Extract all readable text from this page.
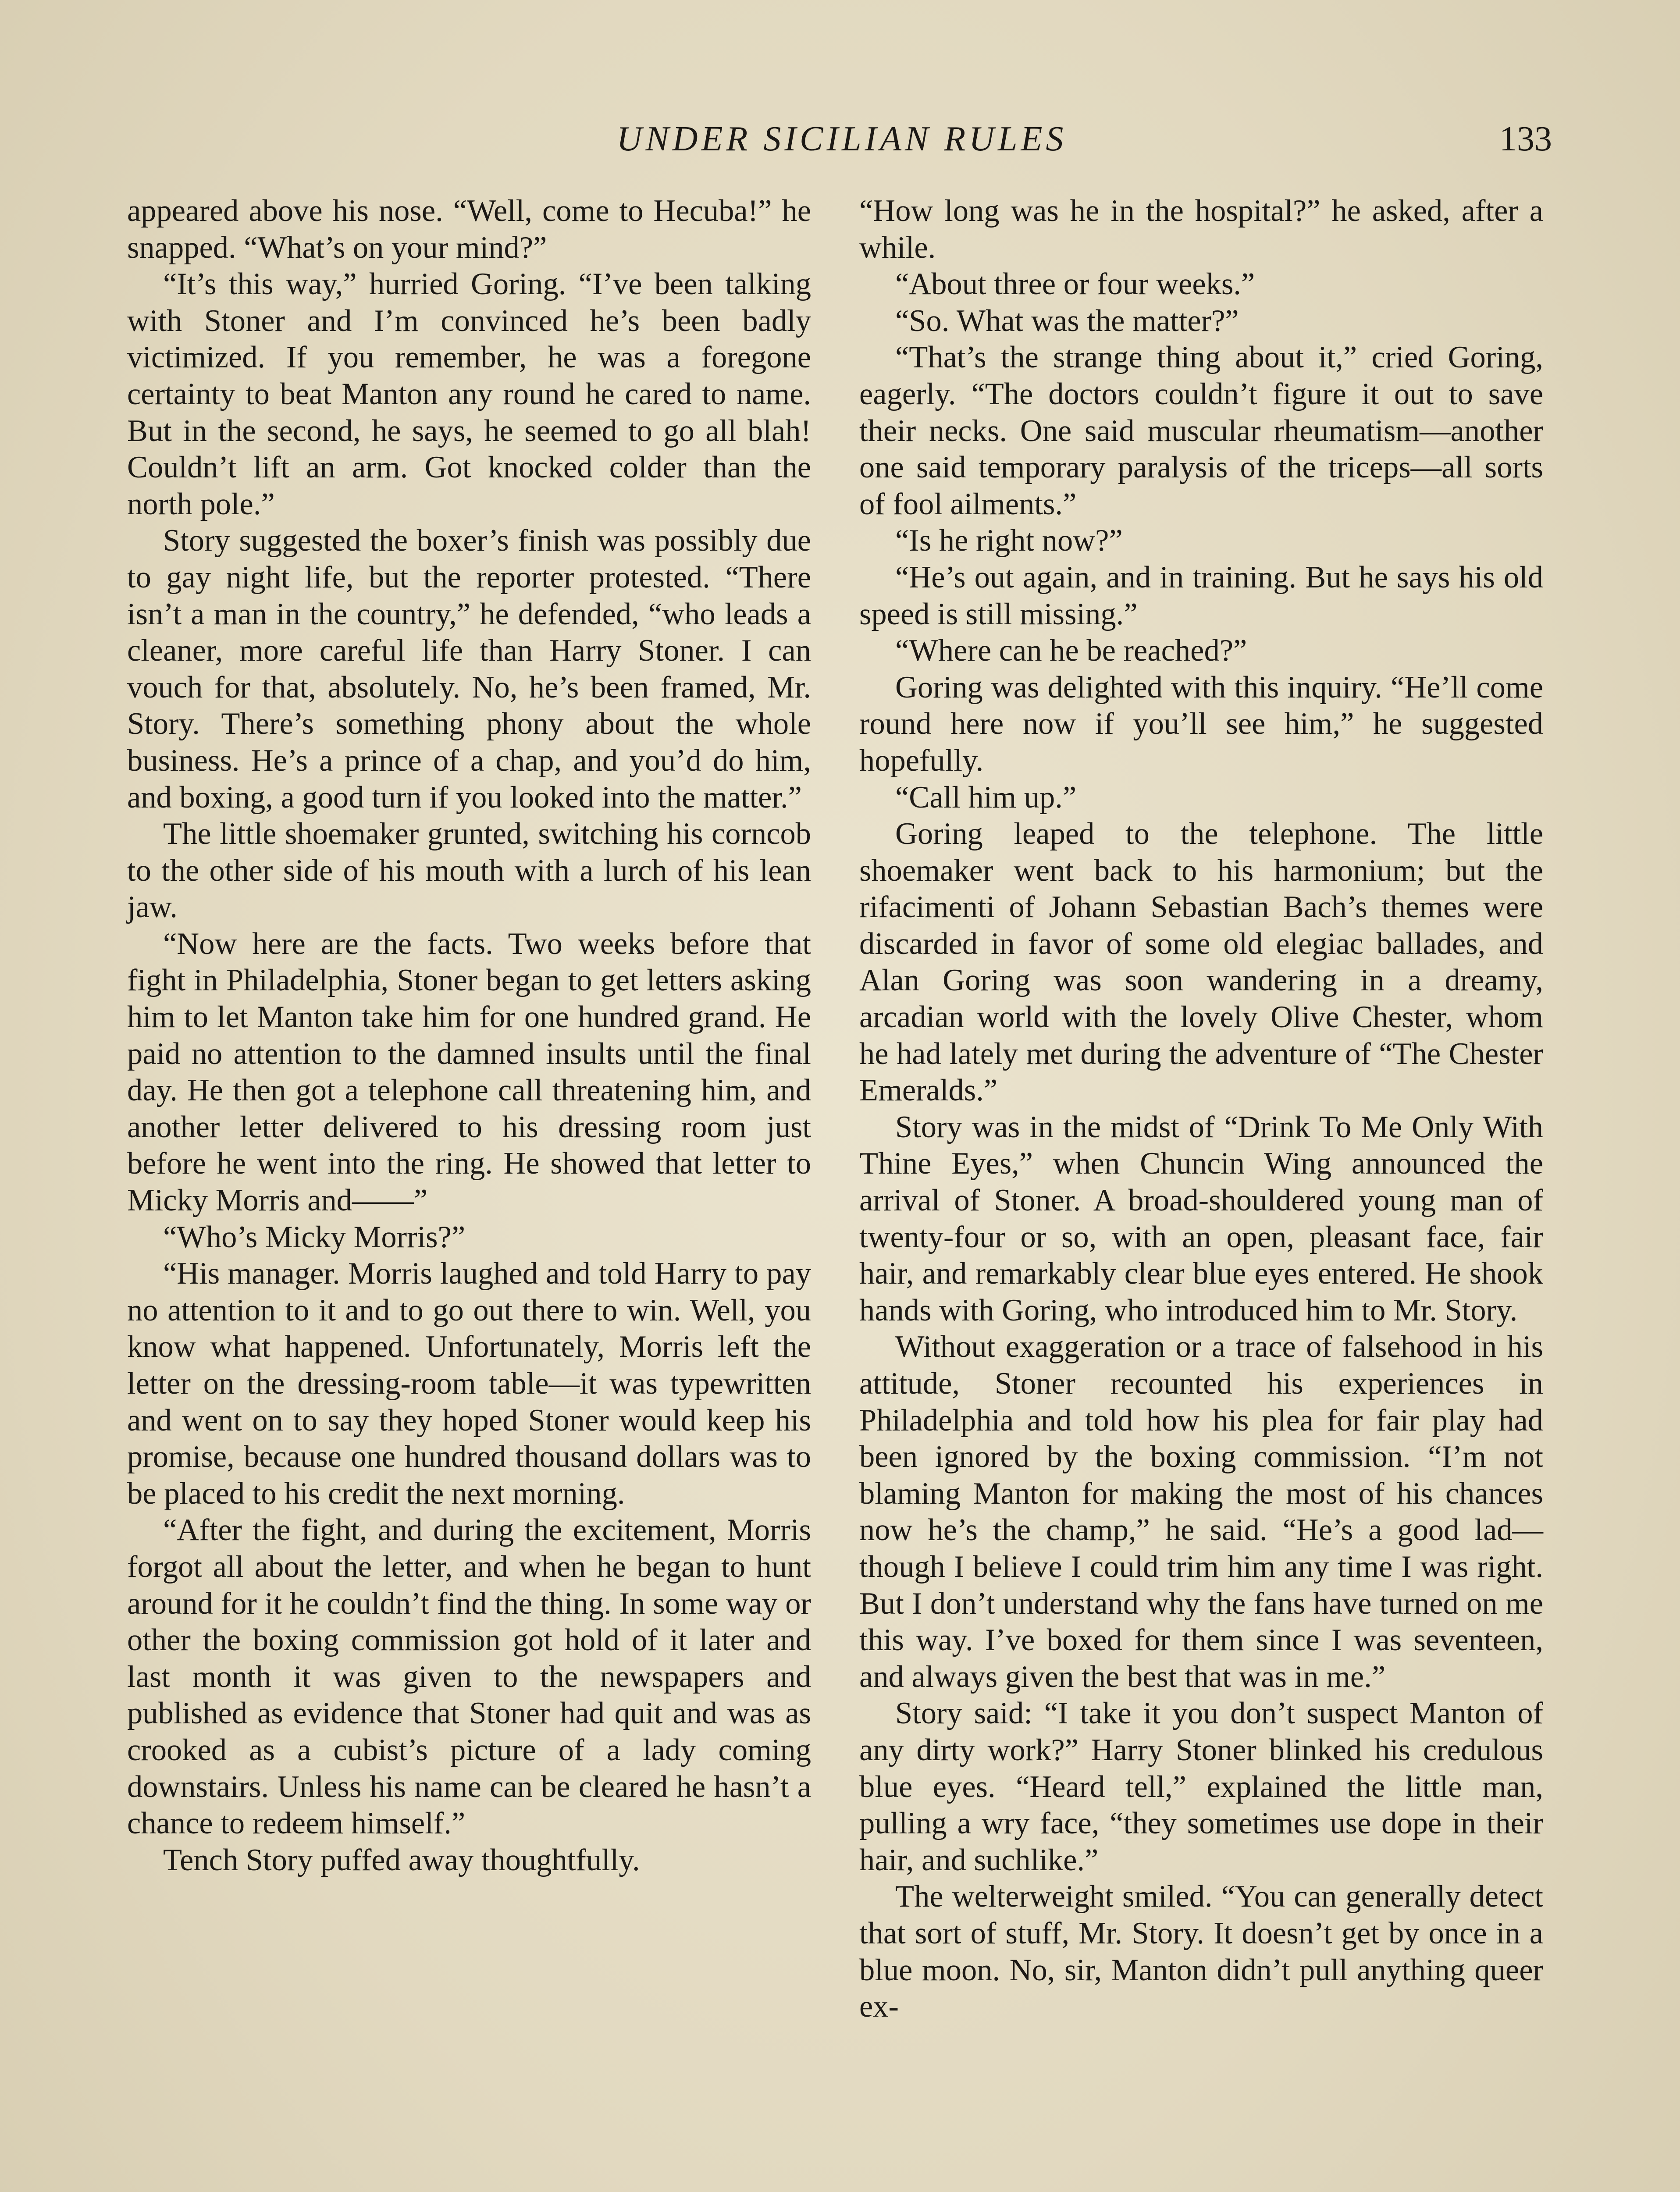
UNDER SICILIAN RULES	133

appeared above his nose. “Well, come to Hecuba!” he snapped. “What’s on your mind?”

“It’s this way,” hurried Goring. “I’ve been talking with Stoner and I’m convinced he’s been badly victimized. If you remember, he was a foregone certainty to beat Manton any round he cared to name. But in the second, he says, he seemed to go all blah! Couldn’t lift an arm. Got knocked colder than the north pole.”

Story suggested the boxer’s finish was possibly due to gay night life, but the reporter protested. “There isn’t a man in the country,” he defended, “who leads a cleaner, more careful life than Harry Stoner. I can vouch for that, absolutely. No, he’s been framed, Mr. Story. There’s something phony about the whole business. He’s a prince of a chap, and you’d do him, and boxing, a good turn if you looked into the matter.”

The little shoemaker grunted, switching his corncob to the other side of his mouth with a lurch of his lean jaw.

“Now here are the facts. Two weeks before that fight in Philadelphia, Stoner began to get letters asking him to let Manton take him for one hundred grand. He paid no attention to the damned insults until the final day. He then got a telephone call threatening him, and another letter delivered to his dressing room just before he went into the ring. He showed that letter to Micky Morris and——”

“Who’s Micky Morris?”

“His manager. Morris laughed and told Harry to pay no attention to it and to go out there to win. Well, you know what happened. Unfortunately, Morris left the letter on the dressing-room table—it was typewritten and went on to say they hoped Stoner would keep his promise, because one hundred thousand dollars was to be placed to his credit the next morning.

“After the fight, and during the excitement, Morris forgot all about the letter, and when he began to hunt around for it he couldn’t find the thing. In some way or other the boxing commission got hold of it later and last month it was given to the newspapers and published as evidence that Stoner had quit and was as crooked as a cubist’s picture of a lady coming downstairs. Unless his name can be cleared he hasn’t a chance to redeem himself.”

Tench Story puffed away thoughtfully.

“How long was he in the hospital?” he asked, after a while.

“About three or four weeks.”

“So. What was the matter?”

“That’s the strange thing about it,” cried Goring, eagerly. “The doctors couldn’t figure it out to save their necks. One said muscular rheumatism—another one said temporary paralysis of the triceps—all sorts of fool ailments.”

“Is he right now?”

“He’s out again, and in training. But he says his old speed is still missing.”

“Where can he be reached?”

Goring was delighted with this inquiry. “He’ll come round here now if you’ll see him,” he suggested hopefully.

“Call him up.”

Goring leaped to the telephone. The little shoemaker went back to his harmonium; but the rifacimenti of Johann Sebastian Bach’s themes were discarded in favor of some old elegiac ballades, and Alan Goring was soon wandering in a dreamy, arcadian world with the lovely Olive Chester, whom he had lately met during the adventure of “The Chester Emeralds.”

Story was in the midst of “Drink To Me Only With Thine Eyes,” when Chuncin Wing announced the arrival of Stoner. A broad-shouldered young man of twenty-four or so, with an open, pleasant face, fair hair, and remarkably clear blue eyes entered. He shook hands with Goring, who introduced him to Mr. Story.

Without exaggeration or a trace of falsehood in his attitude, Stoner recounted his experiences in Philadelphia and told how his plea for fair play had been ignored by the boxing commission. “I’m not blaming Manton for making the most of his chances now he’s the champ,” he said. “He’s a good lad—though I believe I could trim him any time I was right. But I don’t understand why the fans have turned on me this way. I’ve boxed for them since I was seventeen, and always given the best that was in me.”

Story said: “I take it you don’t suspect Manton of any dirty work?” Harry Stoner blinked his credulous blue eyes. “Heard tell,” explained the little man, pulling a wry face, “they sometimes use dope in their hair, and suchlike.”

The welterweight smiled. “You can generally detect that sort of stuff, Mr. Story. It doesn’t get by once in a blue moon. No, sir, Manton didn’t pull anything queer ex-
